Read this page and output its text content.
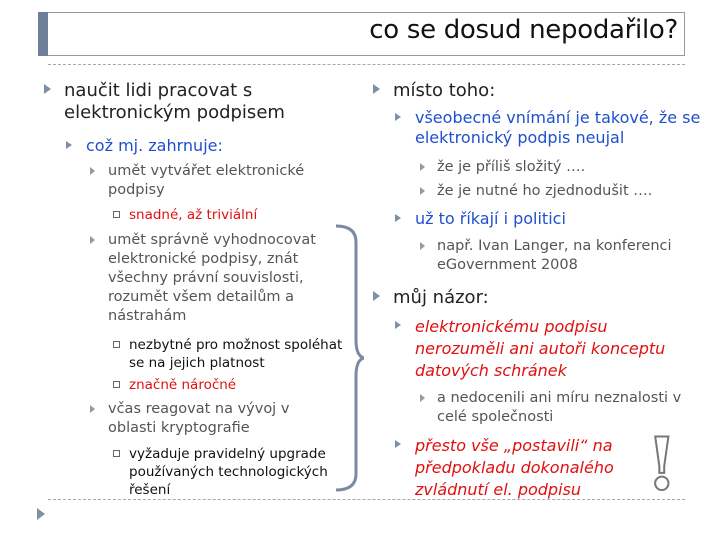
co se dosud nepodařilo?
naučit lidi pracovat s elektronickým podpisem
což mj. zahrnuje:
umět vytvářet elektronické podpisy
snadné, až triviální
umět správně vyhodnocovat elektronické podpisy, znát všechny právní souvislosti, rozumět všem detailům a nástrahám
nezbytné pro možnost spoléhat se na jejich platnost
značně náročné
včas reagovat na vývoj v oblasti kryptografie
vyžaduje pravidelný upgrade používaných technologických řešení
místo toho:
všeobecné vnímání je takové, že se elektronický podpis neujal
že je příliš složitý ….
že je nutné ho zjednodušit ….
už to říkají i politici
např. Ivan Langer, na konferenci eGovernment 2008
můj názor:
elektronickému podpisu nerozuměli ani autoři konceptu datových schránek
a nedocenili ani míru neznalosti v celé společnosti
přesto vše „postavili“ na předpokladu dokonalého zvládnutí el. podpisu !
